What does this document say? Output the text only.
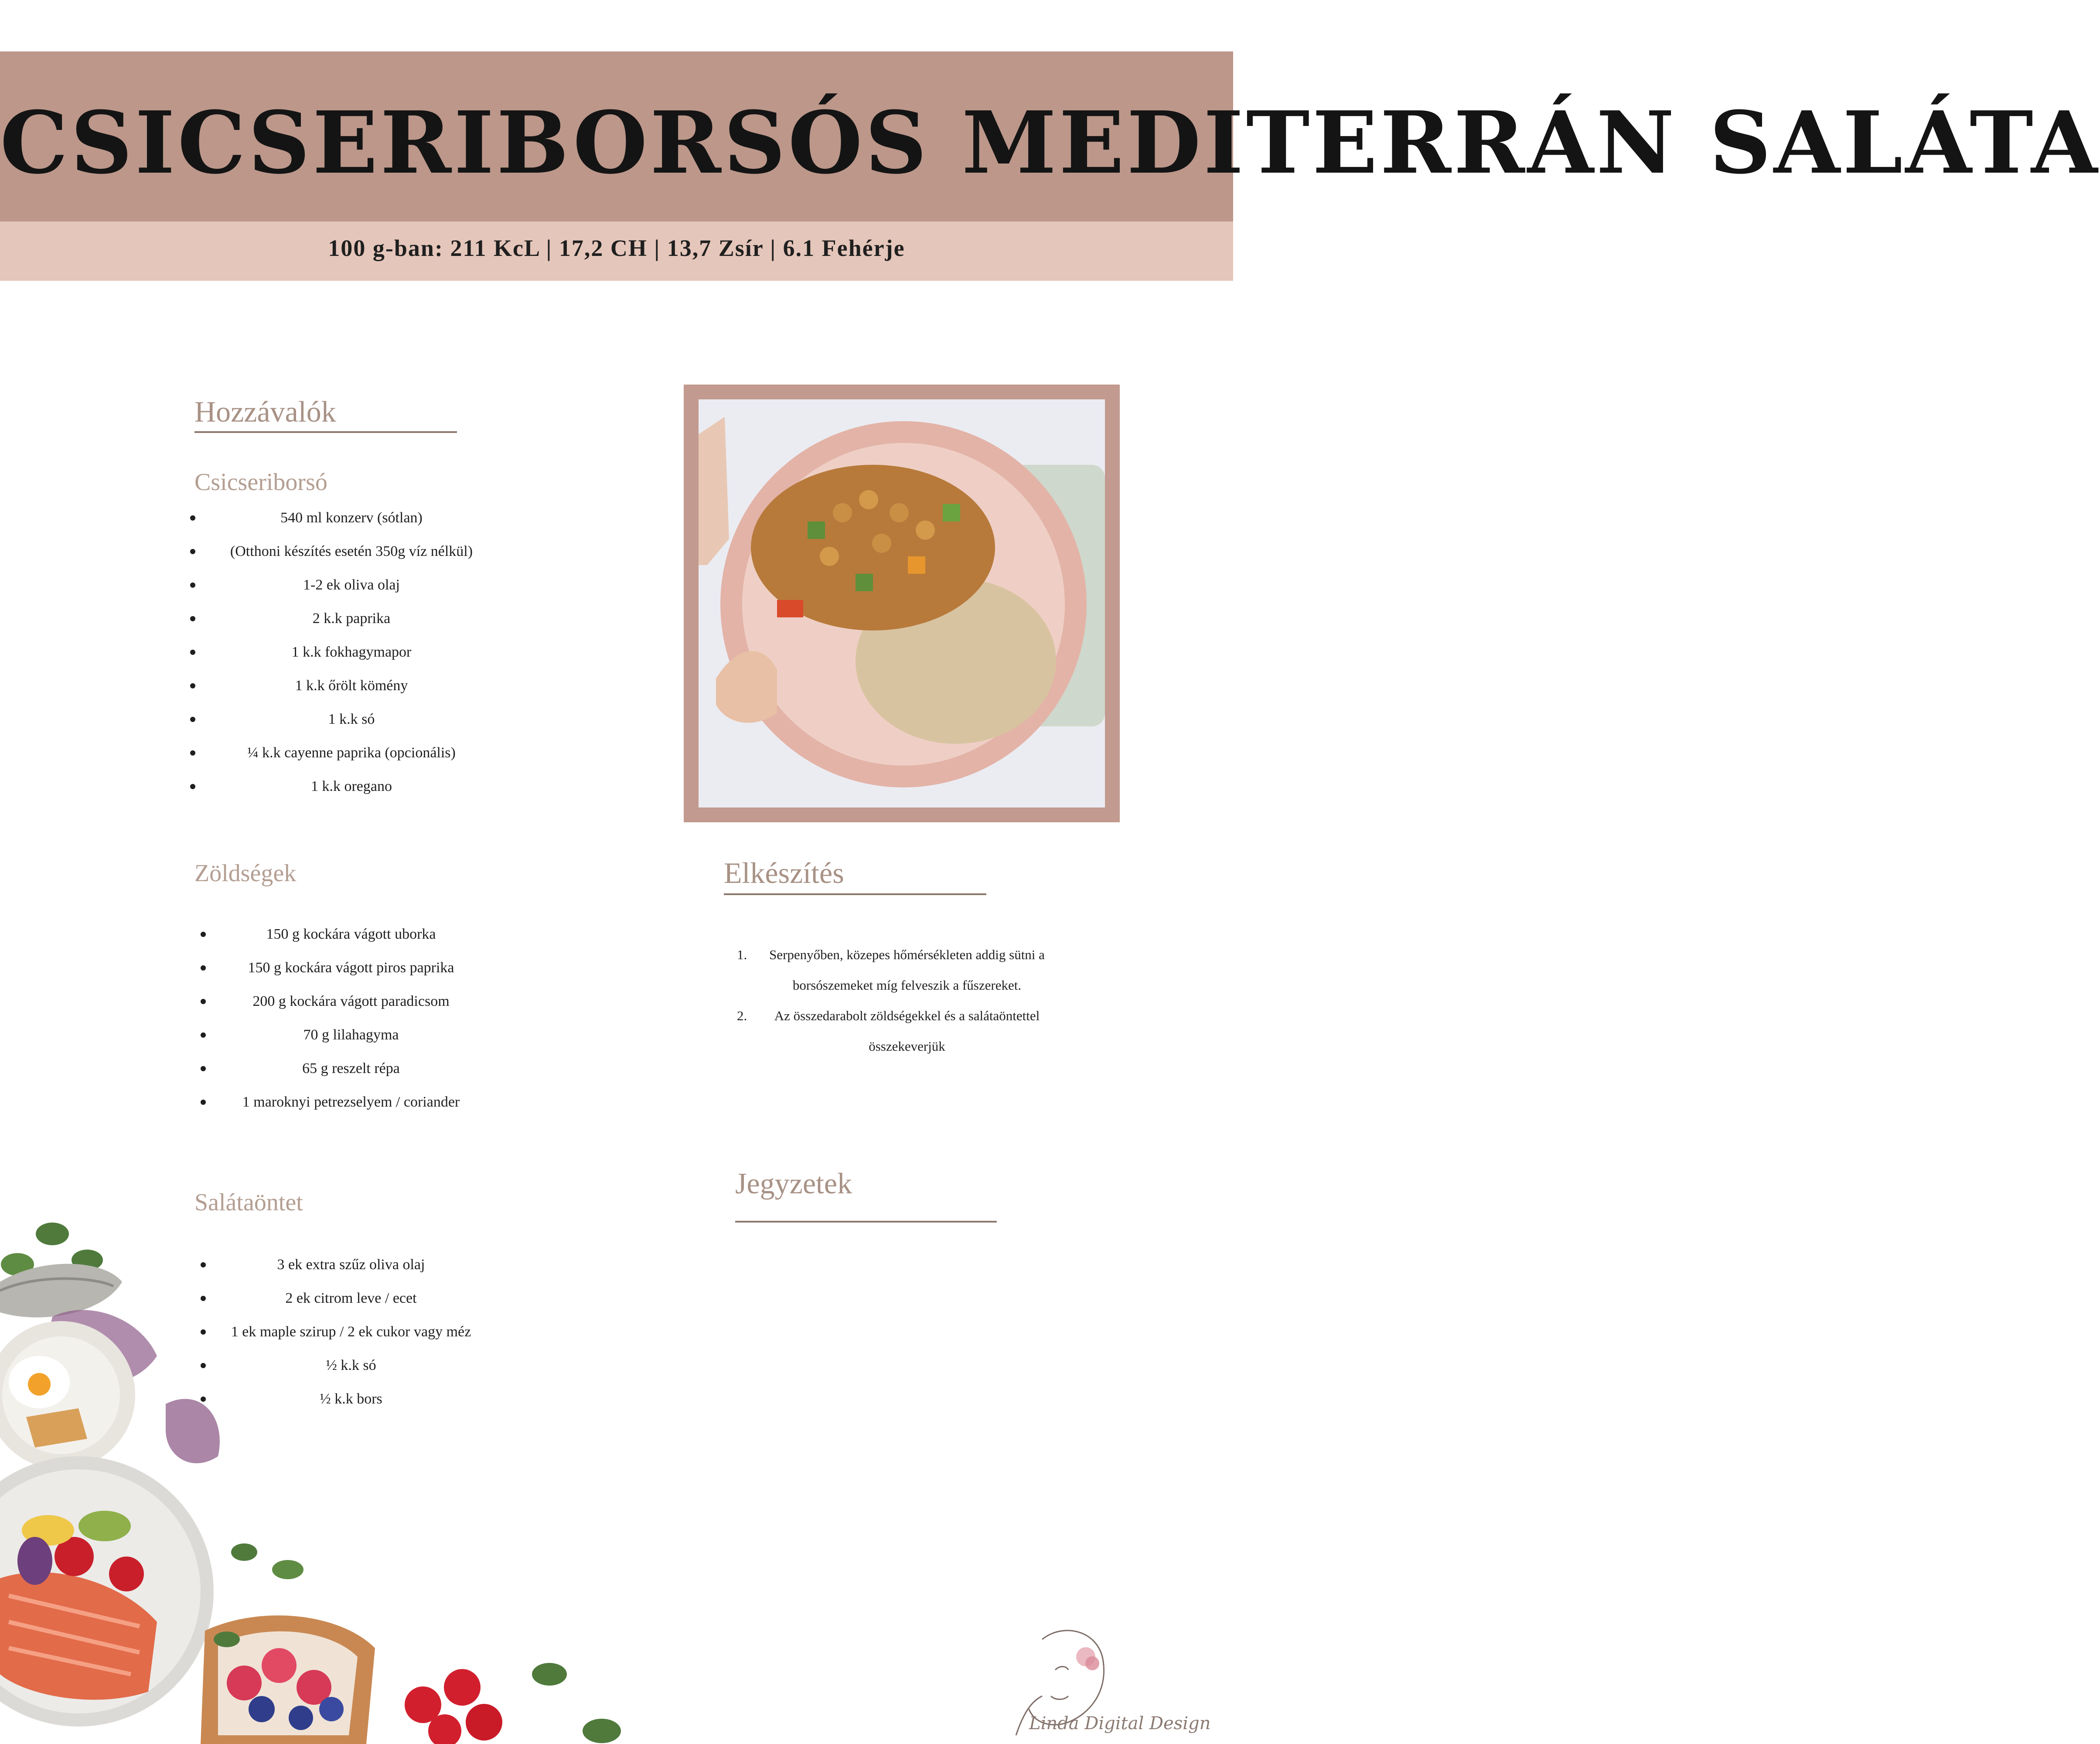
CSICSERIBORSÓS MEDITERRÁN SALÁTA
100 g-ban: 211 KcL | 17,2 CH | 13,7 Zsír | 6.1 Fehérje
Hozzávalók
Csicseriborsó
540 ml konzerv (sótlan)
(Otthoni készítés esetén 350g víz nélkül)
1-2 ek oliva olaj
2 k.k paprika
1 k.k fokhagymapor
1 k.k őrölt kömény
1 k.k só
¼ k.k cayenne paprika (opcionális)
1 k.k oregano
Zöldségek
150 g kockára vágott uborka
150 g kockára vágott piros paprika
200 g kockára vágott paradicsom
70 g lilahagyma
65 g reszelt répa
1 maroknyi petrezselyem / coriander
Salátaöntet
3 ek extra szűz oliva olaj
2 ek citrom leve / ecet
1 ek maple szirup / 2 ek cukor vagy méz
½ k.k só
½ k.k bors
Elkészítés
1. Serpenyőben, közepes hőmérsékleten addig sütni a
borsószemeket míg felveszik a fűszereket.
2. Az összedarabolt zöldségekkel és a salátaöntettel
összekeverjük
Jegyzetek
Linda Digital Design
